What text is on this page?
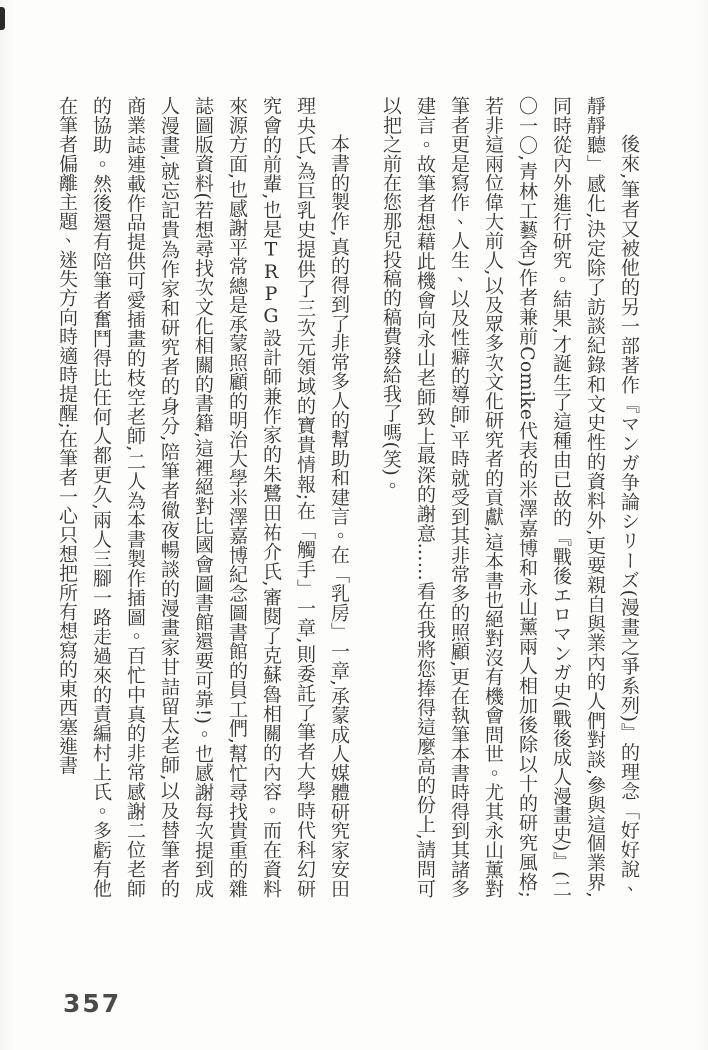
後來,筆者又被他的另一部著作『マンガ争論シリーズ(漫畫之爭系列)』的理念「好好說、靜靜聽」感化,決定除了訪談紀錄和文史性的資料外,更要親自與業內的人們對談,參與這個業界,同時從內外進行研究。結果,才誕生了這種由已故的『戰後エロマンガ史(戰後成人漫畫史)』(二〇一〇,青林工藝舍)作者兼前Comike代表的米澤嘉博和永山薰兩人相加後除以十的研究風格;若非這兩位偉大前人,以及眾多次文化研究者的貢獻,這本書也絕對沒有機會問世。尤其永山薰對筆者更是寫作、人生、以及性癖的導師,平時就受到其非常多的照顧,更在執筆本書時得到其諸多建言。故筆者想藉此機會向永山老師致上最深的謝意……看在我將您捧得這麼高的份上,請問可以把之前在您那兒投稿的稿費發給我了嗎(笑)。

本書的製作,真的得到了非常多人的幫助和建言。在「乳房」一章,承蒙成人媒體研究家安田理央氏,為巨乳史提供了三次元領域的寶貴情報;在「觸手」一章,則委託了筆者大學時代科幻研究會的前輩,也是TRPG設計師兼作家的朱鷺田祐介氏,審閱了克蘇魯相關的內容。而在資料來源方面,也感謝平常總是承蒙照顧的明治大學米澤嘉博紀念圖書館的員工們,幫忙尋找貴重的雜誌圖版資料(若想尋找次文化相關的書籍,這裡絕對比國會圖書館還要可靠!)。也感謝每次提到成人漫畫,就忘記貴為作家和研究者的身分,陪筆者徹夜暢談的漫畫家甘詰留太老師,以及替筆者的商業誌連載作品提供可愛插畫的枝空老師,二人為本書製作插圖。百忙中真的非常感謝二位老師的協助。然後還有陪筆者奮鬥得比任何人都更久,兩人三腳一路走過來的責編村上氏。多虧有他在筆者偏離主題、迷失方向時適時提醒;在筆者一心只想把所有想寫的東西塞進書

357
